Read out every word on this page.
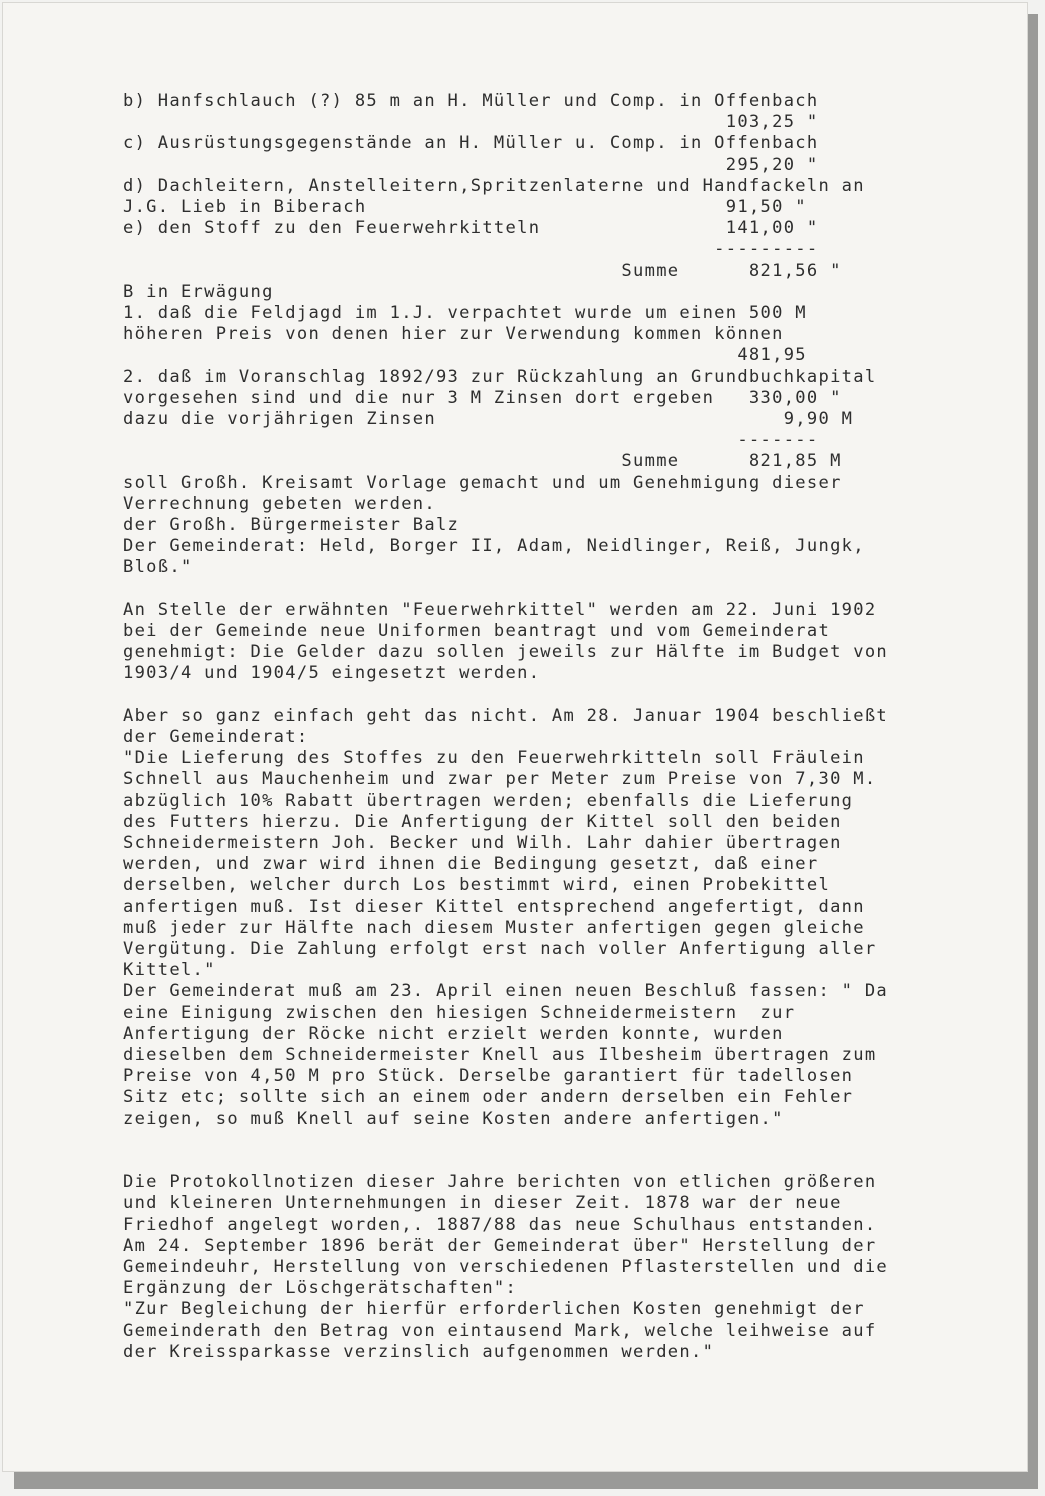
b) Hanfschlauch (?) 85 m an H. Müller und Comp. in Offenbach
103,25 "
c) Ausrüstungsgegenstände an H. Müller u. Comp. in Offenbach
295,20 "
d) Dachleitern, Anstelleitern,Spritzenlaterne und Handfackeln an
J.G. Lieb in Biberach                               91,50 "
e) den Stoff zu den Feuerwehrkitteln                141,00 "
---------
Summe      821,56 "
B in Erwägung
1. daß die Feldjagd im 1.J. verpachtet wurde um einen 500 M
höheren Preis von denen hier zur Verwendung kommen können
481,95
2. daß im Voranschlag 1892/93 zur Rückzahlung an Grundbuchkapital
vorgesehen sind und die nur 3 M Zinsen dort ergeben   330,00 "
dazu die vorjährigen Zinsen                              9,90 M
-------
Summe      821,85 M
soll Großh. Kreisamt Vorlage gemacht und um Genehmigung dieser
Verrechnung gebeten werden.
der Großh. Bürgermeister Balz
Der Gemeinderat: Held, Borger II, Adam, Neidlinger, Reiß, Jungk,
Bloß."
An Stelle der erwähnten "Feuerwehrkittel" werden am 22. Juni 1902
bei der Gemeinde neue Uniformen beantragt und vom Gemeinderat
genehmigt: Die Gelder dazu sollen jeweils zur Hälfte im Budget von
1903/4 und 1904/5 eingesetzt werden.
Aber so ganz einfach geht das nicht. Am 28. Januar 1904 beschließt
der Gemeinderat:
"Die Lieferung des Stoffes zu den Feuerwehrkitteln soll Fräulein
Schnell aus Mauchenheim und zwar per Meter zum Preise von 7,30 M.
abzüglich 10% Rabatt übertragen werden; ebenfalls die Lieferung
des Futters hierzu. Die Anfertigung der Kittel soll den beiden
Schneidermeistern Joh. Becker und Wilh. Lahr dahier übertragen
werden, und zwar wird ihnen die Bedingung gesetzt, daß einer
derselben, welcher durch Los bestimmt wird, einen Probekittel
anfertigen muß. Ist dieser Kittel entsprechend angefertigt, dann
muß jeder zur Hälfte nach diesem Muster anfertigen gegen gleiche
Vergütung. Die Zahlung erfolgt erst nach voller Anfertigung aller
Kittel."
Der Gemeinderat muß am 23. April einen neuen Beschluß fassen: " Da
eine Einigung zwischen den hiesigen Schneidermeistern  zur
Anfertigung der Röcke nicht erzielt werden konnte, wurden
dieselben dem Schneidermeister Knell aus Ilbesheim übertragen zum
Preise von 4,50 M pro Stück. Derselbe garantiert für tadellosen
Sitz etc; sollte sich an einem oder andern derselben ein Fehler
zeigen, so muß Knell auf seine Kosten andere anfertigen."
Die Protokollnotizen dieser Jahre berichten von etlichen größeren
und kleineren Unternehmungen in dieser Zeit. 1878 war der neue
Friedhof angelegt worden,. 1887/88 das neue Schulhaus entstanden.
Am 24. September 1896 berät der Gemeinderat über" Herstellung der
Gemeindeuhr, Herstellung von verschiedenen Pflasterstellen und die
Ergänzung der Löschgerätschaften":
"Zur Begleichung der hierfür erforderlichen Kosten genehmigt der
Gemeinderath den Betrag von eintausend Mark, welche leihweise auf
der Kreissparkasse verzinslich aufgenommen werden."
